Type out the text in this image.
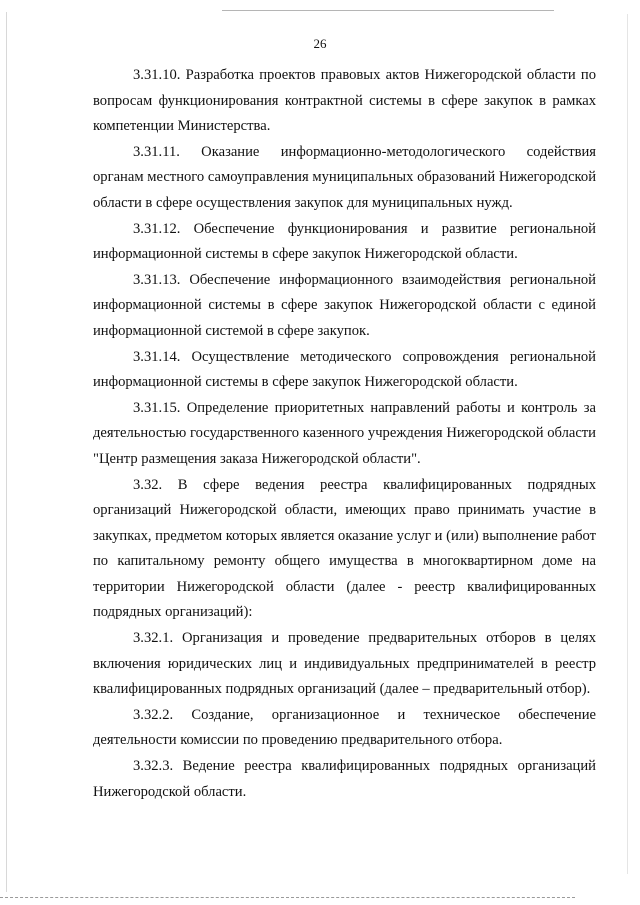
26

3.31.10. Разработка проектов правовых актов Нижегородской области по вопросам функционирования контрактной системы в сфере закупок в рамках компетенции Министерства.

3.31.11. Оказание информационно-методологического содействия органам местного самоуправления муниципальных образований Нижегородской области в сфере осуществления закупок для муниципальных нужд.

3.31.12. Обеспечение функционирования и развитие региональной информационной системы в сфере закупок Нижегородской области.

3.31.13. Обеспечение информационного взаимодействия региональной информационной системы в сфере закупок Нижегородской области с единой информационной системой в сфере закупок.

3.31.14. Осуществление методического сопровождения региональной информационной системы в сфере закупок Нижегородской области.

3.31.15. Определение приоритетных направлений работы и контроль за деятельностью государственного казенного учреждения Нижегородской области "Центр размещения заказа Нижегородской области".

3.32. В сфере ведения реестра квалифицированных подрядных организаций Нижегородской области, имеющих право принимать участие в закупках, предметом которых является оказание услуг и (или) выполнение работ по капитальному ремонту общего имущества в многоквартирном доме на территории Нижегородской области (далее - реестр квалифицированных подрядных организаций):

3.32.1. Организация и проведение предварительных отборов в целях включения юридических лиц и индивидуальных предпринимателей в реестр квалифицированных подрядных организаций (далее – предварительный отбор).

3.32.2. Создание, организационное и техническое обеспечение деятельности комиссии по проведению предварительного отбора.

3.32.3. Ведение реестра квалифицированных подрядных организаций Нижегородской области.
